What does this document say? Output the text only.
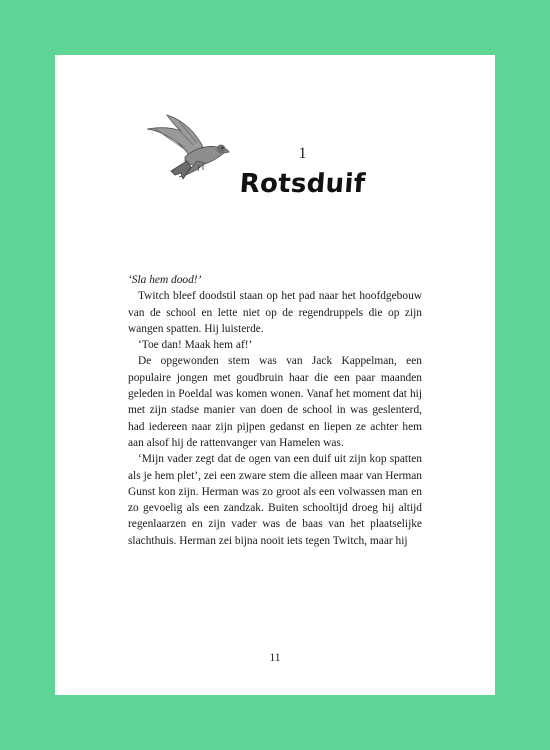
1
Rotsduif

‘Sla hem dood!’

Twitch bleef doodstil staan op het pad naar het hoofdgebouw van de school en lette niet op de regendruppels die op zijn wangen spatten. Hij luisterde.

‘Toe dan! Maak hem af!’

De opgewonden stem was van Jack Kappelman, een populaire jongen met goudbruin haar die een paar maanden geleden in Poeldal was komen wonen. Vanaf het moment dat hij met zijn stadse manier van doen de school in was geslenterd, had iedereen naar zijn pijpen gedanst en liepen ze achter hem aan alsof hij de rattenvanger van Hamelen was.

‘Mijn vader zegt dat de ogen van een duif uit zijn kop spatten als je hem plet’, zei een zware stem die alleen maar van Herman Gunst kon zijn. Herman was zo groot als een volwassen man en zo gevoelig als een zandzak. Buiten schooltijd droeg hij altijd regenlaarzen en zijn vader was de baas van het plaatselijke slachthuis. Herman zei bijna nooit iets tegen Twitch, maar hij

11
